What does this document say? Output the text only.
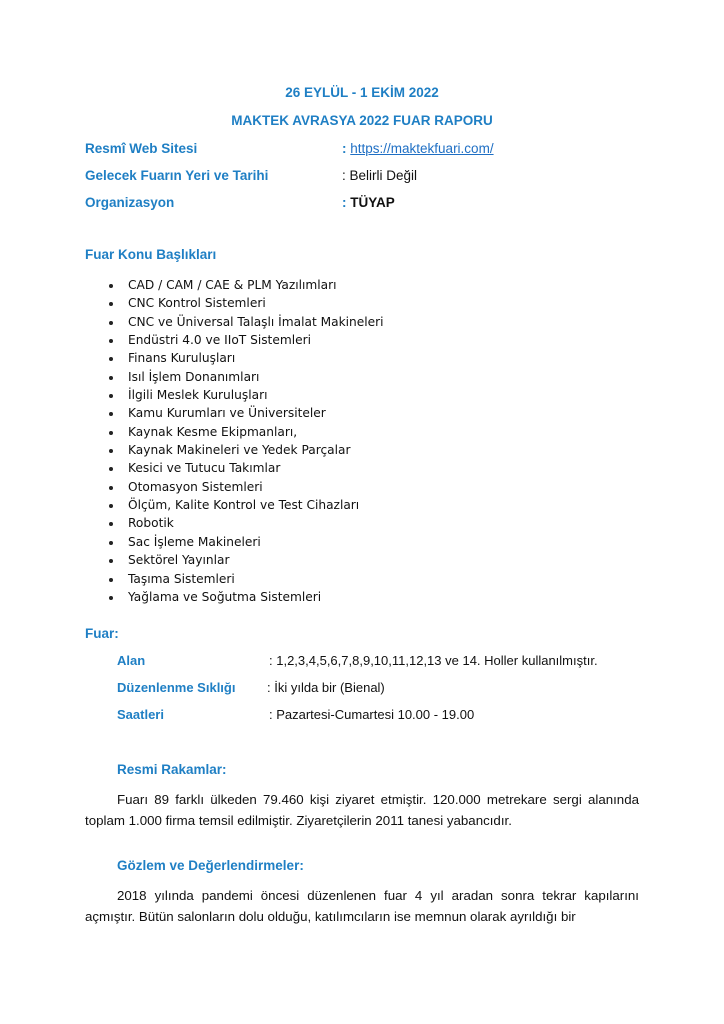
26 EYLÜL - 1 EKİM 2022
MAKTEK AVRASYA 2022 FUAR RAPORU
Resmî Web Sitesi	: https://maktekfuari.com/
Gelecek Fuarın Yeri ve Tarihi	: Belirli Değil
Organizasyon	: TÜYAP
Fuar Konu Başlıkları
CAD / CAM / CAE & PLM Yazılımları
CNC Kontrol Sistemleri
CNC ve Üniversal Talaşlı İmalat Makineleri
Endüstri 4.0 ve IIoT Sistemleri
Finans Kuruluşları
Isıl İşlem Donanımları
İlgili Meslek Kuruluşları
Kamu Kurumları ve Üniversiteler
Kaynak Kesme Ekipmanları,
Kaynak Makineleri ve Yedek Parçalar
Kesici ve Tutucu Takımlar
Otomasyon Sistemleri
Ölçüm, Kalite Kontrol ve Test Cihazları
Robotik
Sac İşleme Makineleri
Sektörel Yayınlar
Taşıma Sistemleri
Yağlama ve Soğutma Sistemleri
Fuar:
Alan	: 1,2,3,4,5,6,7,8,9,10,11,12,13 ve 14. Holler kullanılmıştır.
Düzenlenme Sıklığı : İki yılda bir (Bienal)
Saatleri	: Pazartesi-Cumartesi 10.00 - 19.00
Resmi Rakamlar:
Fuarı 89 farklı ülkeden 79.460 kişi ziyaret etmiştir. 120.000 metrekare sergi alanında toplam 1.000 firma temsil edilmiştir. Ziyaretçilerin 2011 tanesi yabancıdır.
Gözlem ve Değerlendirmeler:
2018 yılında pandemi öncesi düzenlenen fuar 4 yıl aradan sonra tekrar kapılarını açmıştır. Bütün salonların dolu olduğu, katılımcıların ise memnun olarak ayrıldığı bir
